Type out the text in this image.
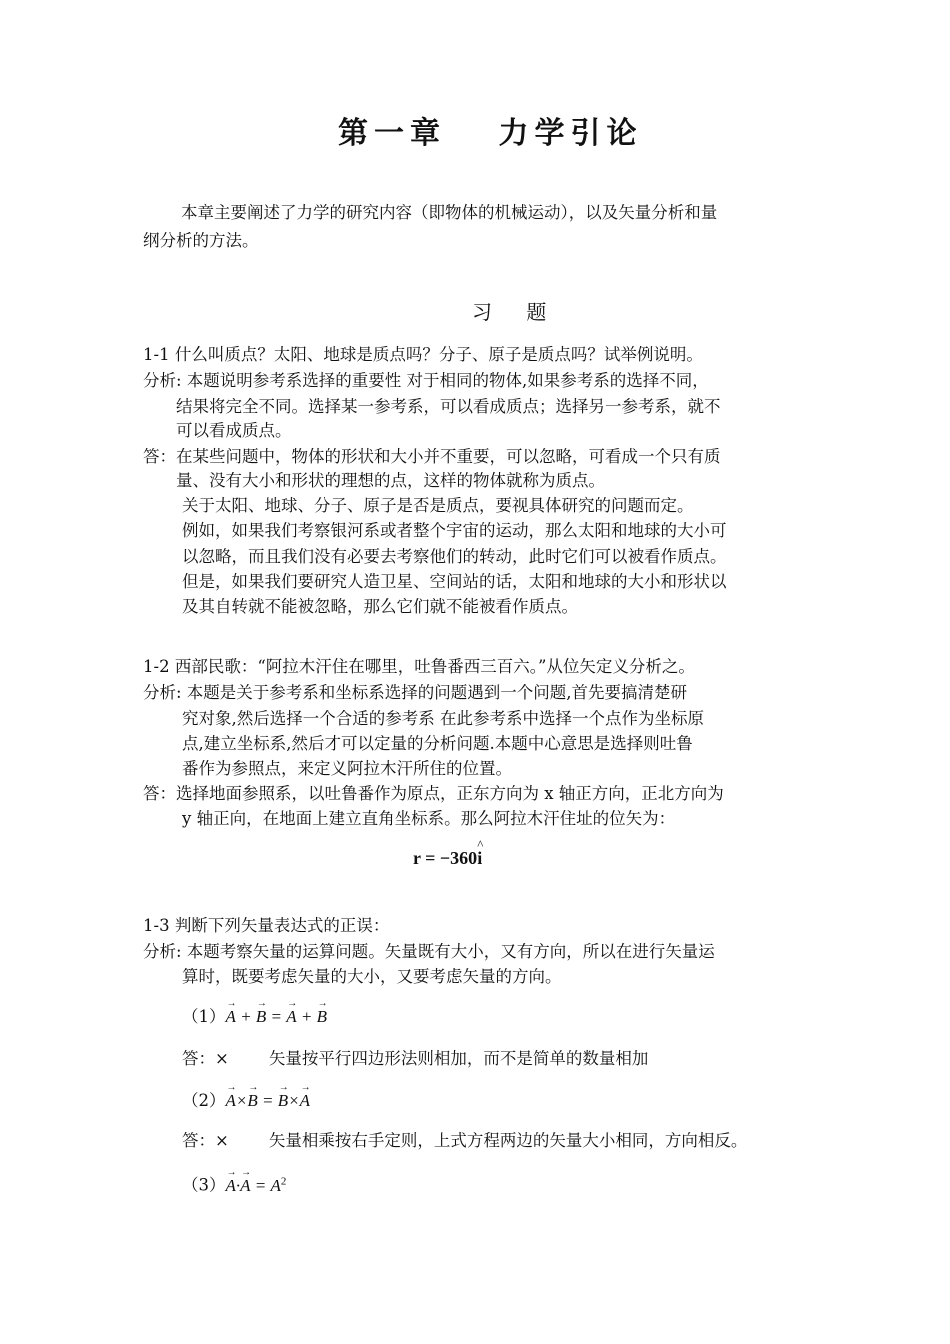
第一章　 力学引论
本章主要阐述了力学的研究内容（即物体的机械运动），以及矢量分析和量
纲分析的方法。
习 题
1-1 什么叫质点？太阳、地球是质点吗？分子、原子是质点吗？试举例说明。
分析: 本题说明参考系选择的重要性 对于相同的物体,如果参考系的选择不同，
结果将完全不同。选择某一参考系，可以看成质点；选择另一参考系，就不
可以看成质点。
答：在某些问题中，物体的形状和大小并不重要，可以忽略，可看成一个只有质
量、没有大小和形状的理想的点，这样的物体就称为质点。
关于太阳、地球、分子、原子是否是质点，要视具体研究的问题而定。
例如，如果我们考察银河系或者整个宇宙的运动，那么太阳和地球的大小可
以忽略，而且我们没有必要去考察他们的转动，此时它们可以被看作质点。
但是，如果我们要研究人造卫星、空间站的话，太阳和地球的大小和形状以
及其自转就不能被忽略，那么它们就不能被看作质点。
1-2 西部民歌：“阿拉木汗住在哪里，吐鲁番西三百六。”从位矢定义分析之。
分析: 本题是关于参考系和坐标系选择的问题遇到一个问题,首先要搞清楚研
究对象,然后选择一个合适的参考系 在此参考系中选择一个点作为坐标原
点,建立坐标系,然后才可以定量的分析问题.本题中心意思是选择则吐鲁
番作为参照点，来定义阿拉木汗所住的位置。
答：选择地面参照系，以吐鲁番作为原点，正东方向为 x 轴正方向，正北方向为
y 轴正向，在地面上建立直角坐标系。那么阿拉木汗住址的位矢为：
r = −360^ i
1-3 判断下列矢量表达式的正误：
分析: 本题考察矢量的运算问题。矢量既有大小，又有方向，所以在进行矢量运
算时，既要考虑矢量的大小，又要考虑矢量的方向。
（1）→ A + → B = → A + → B
答：× 矢量按平行四边形法则相加，而不是简单的数量相加
（2）→ A×→ B = → B×→ A
答：× 矢量相乘按右手定则，上式方程两边的矢量大小相同，方向相反。
$(3)\to A\cdot\to A = A^2$
